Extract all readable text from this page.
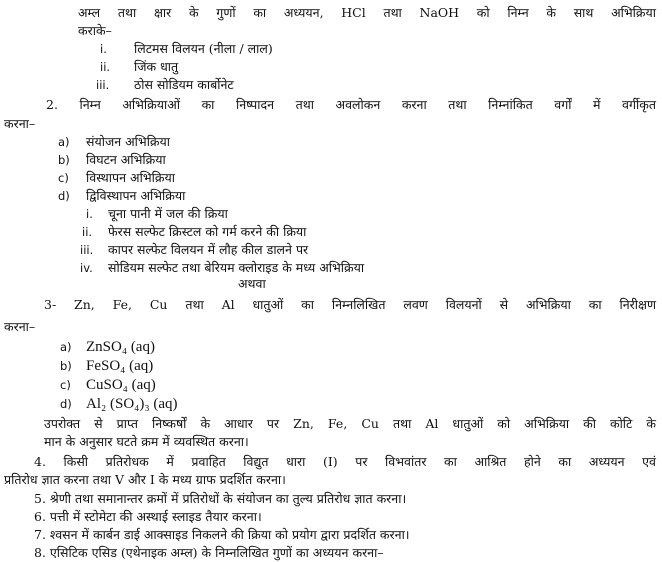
अम्ल तथा क्षार के गुणों का अध्ययन, HCl तथा NaOH को निम्न के साथ अभिक्रिया
कराके–
i. लिटमस विलयन (नीला / लाल)
ii. जिंक धातु
iii. ठोस सोडियम कार्बोनेट
2. निम्न अभिक्रियाओं का निष्पादन तथा अवलोकन करना तथा निम्नांकित वर्गों में वर्गीकृत
करना–
a) संयोजन अभिक्रिया
b) विघटन अभिक्रिया
c) विस्थापन अभिक्रिया
d) द्विविस्थापन अभिक्रिया
i. चूना पानी में जल की क्रिया
ii. फेरस सल्फेट क्रिस्टल को गर्म करने की क्रिया
iii. कापर सल्फेट विलयन में लौह कील डालने पर
iv. सोडियम सल्फेट तथा बेरियम क्लोराइड के मध्य अभिक्रिया
अथवा
3- Zn, Fe, Cu तथा Al धातुओं का निम्नलिखित लवण विलयनों से अभिक्रिया का निरीक्षण
करना–
a) ZnSO₄ (aq)
b) FeSO₄ (aq)
c) CuSO₄ (aq)
d) Al₂ (SO₄)₃ (aq)
उपरोक्त से प्राप्त निष्कर्षों के आधार पर Zn, Fe, Cu तथा Al धातुओं को अभिक्रिया की कोटि के
मान के अनुसार घटते क्रम में व्यवस्थित करना।
4. किसी प्रतिरोधक में प्रवाहित विद्युत धारा (I) पर विभवांतर का आश्रित होने का अध्ययन एवं
प्रतिरोध ज्ञात करना तथा V और I के मध्य ग्राफ प्रदर्शित करना।
5. श्रेणी तथा समानान्तर क्रमों में प्रतिरोधों के संयोजन का तुल्य प्रतिरोध ज्ञात करना।
6. पत्ती में स्टोमेटा की अस्थाई स्लाइड तैयार करना।
7. श्वसन में कार्बन डाई आक्साइड निकलने की क्रिया को प्रयोग द्वारा प्रदर्शित करना।
8. एसिटिक एसिड (एथेनाइक अम्ल) के निम्नलिखित गुणों का अध्ययन करना–
